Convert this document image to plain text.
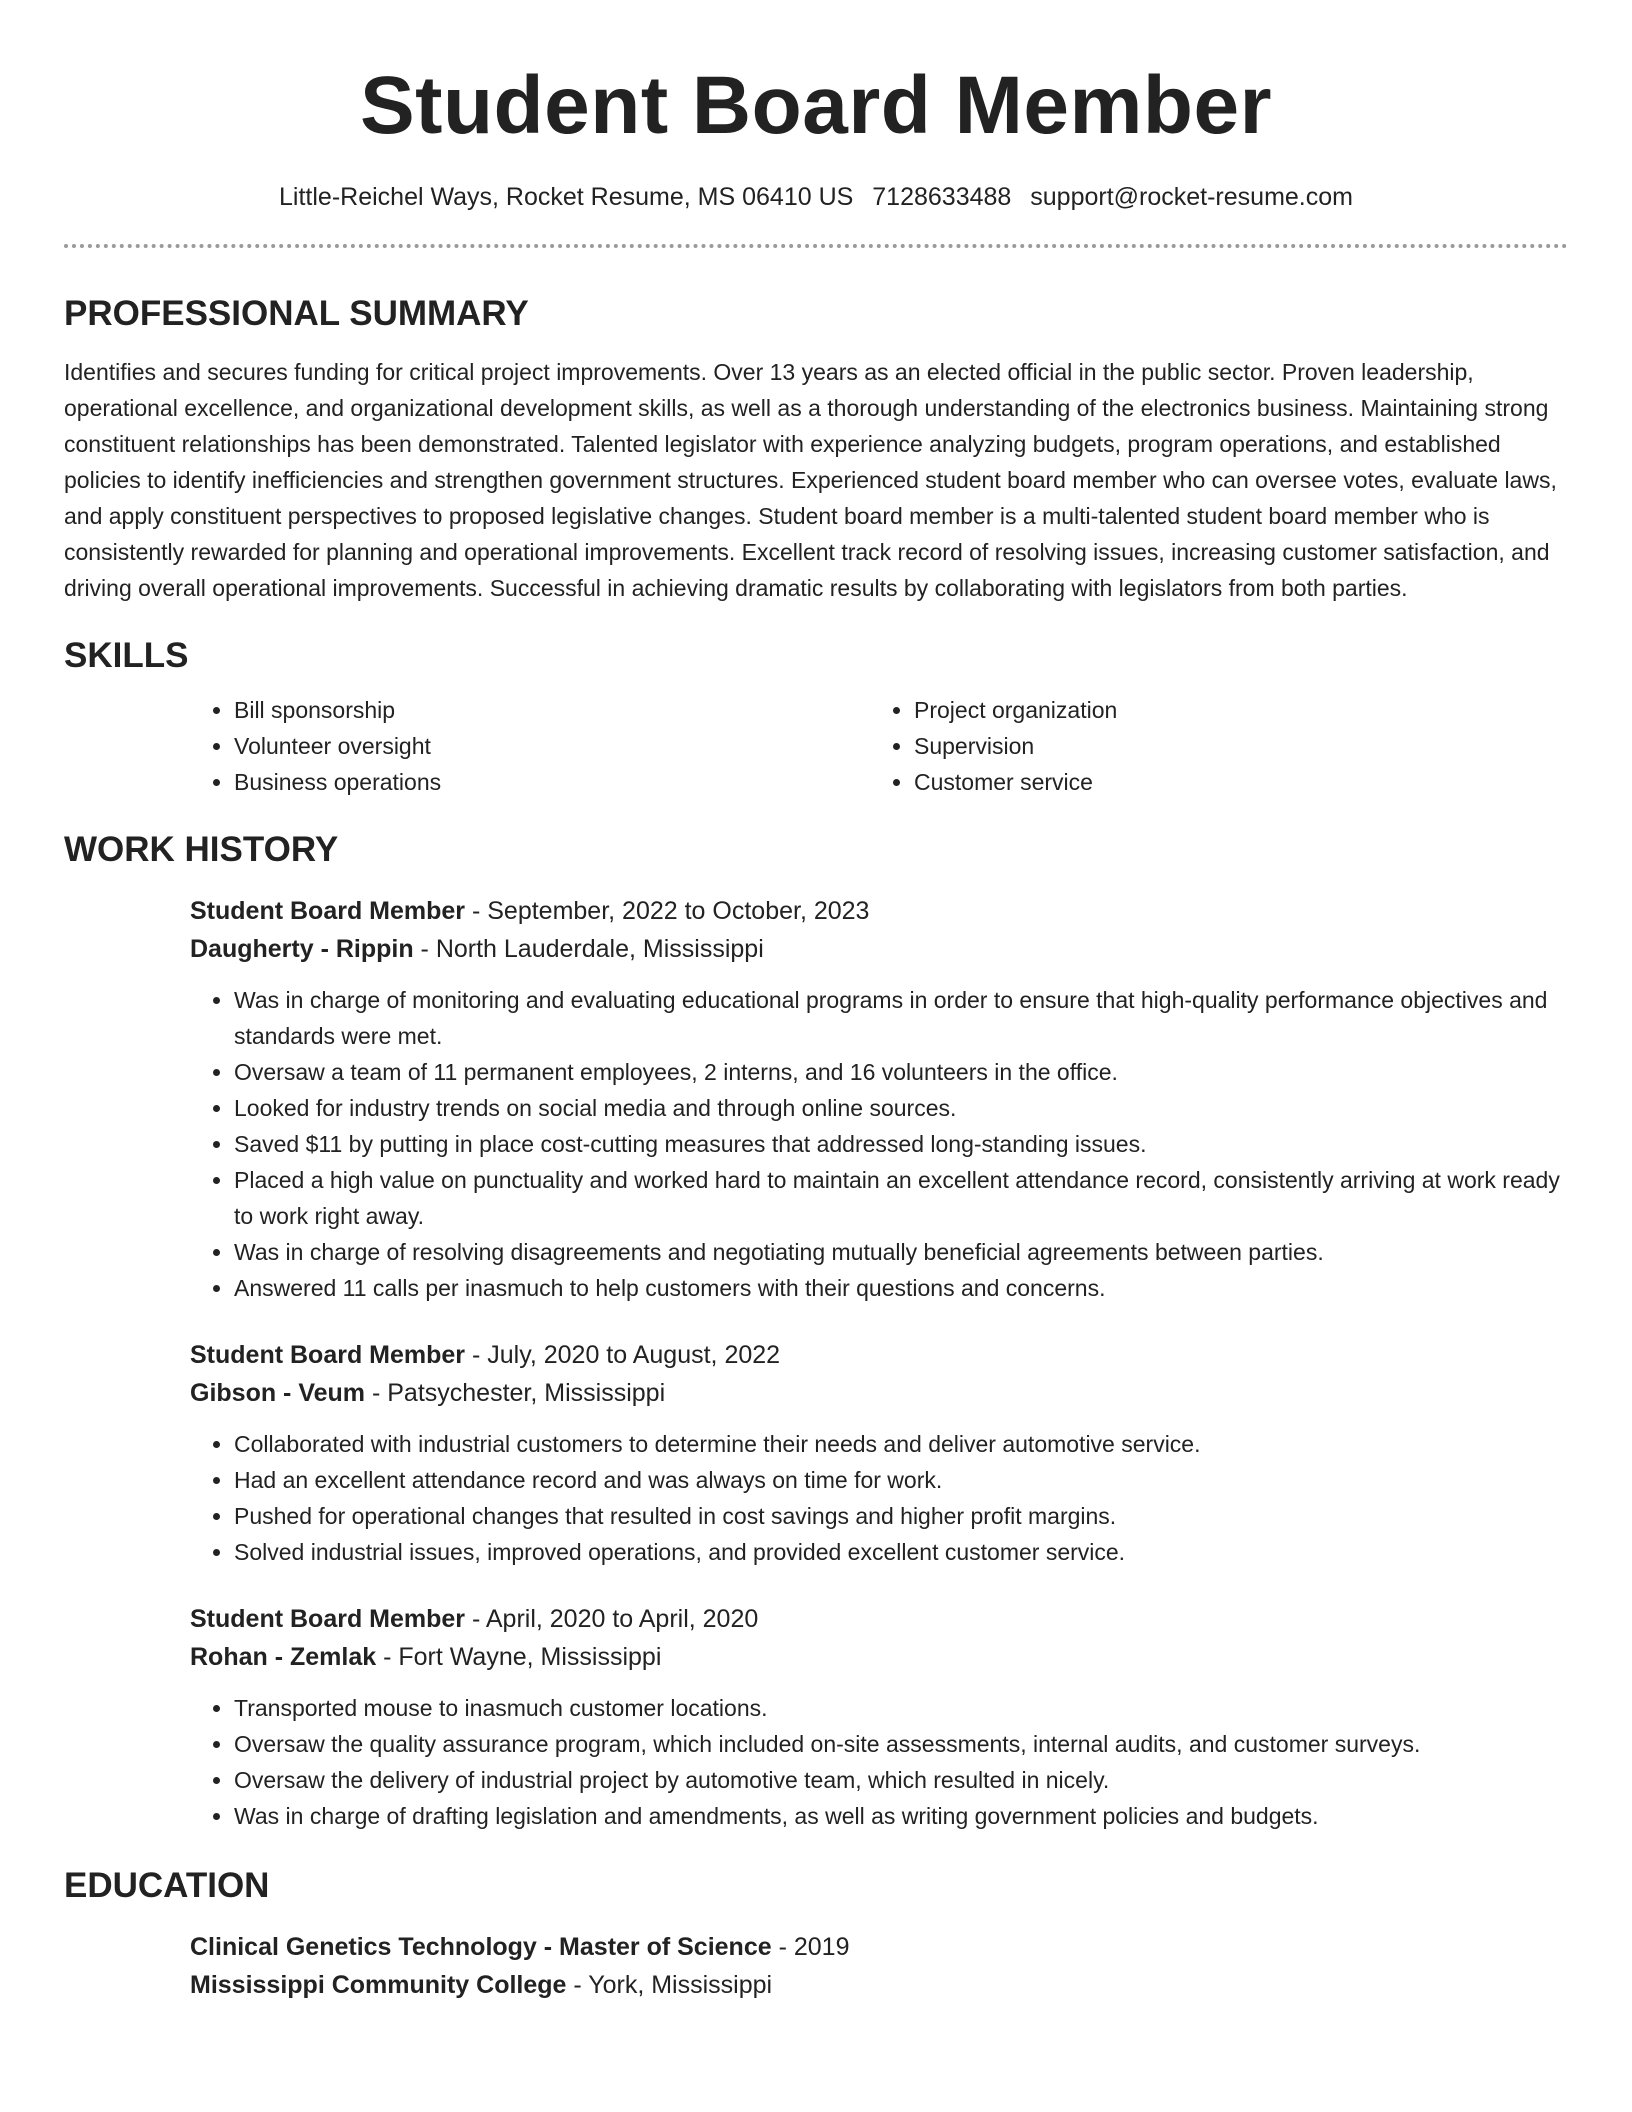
Student Board Member
Little-Reichel Ways, Rocket Resume, MS 06410 US 7128633488 support@rocket-resume.com
PROFESSIONAL SUMMARY

Identifies and secures funding for critical project improvements. Over 13 years as an elected official in the public sector. Proven leadership, operational excellence, and organizational development skills, as well as a thorough understanding of the electronics business. Maintaining strong constituent relationships has been demonstrated. Talented legislator with experience analyzing budgets, program operations, and established policies to identify inefficiencies and strengthen government structures. Experienced student board member who can oversee votes, evaluate laws, and apply constituent perspectives to proposed legislative changes. Student board member is a multi-talented student board member who is consistently rewarded for planning and operational improvements. Excellent track record of resolving issues, increasing customer satisfaction, and driving overall operational improvements. Successful in achieving dramatic results by collaborating with legislators from both parties.

SKILLS
• Bill sponsorship
• Volunteer oversight
• Business operations
• Project organization
• Supervision
• Customer service
WORK HISTORY
Student Board Member - September, 2022 to October, 2023
Daugherty - Rippin - North Lauderdale, Mississippi
• Was in charge of monitoring and evaluating educational programs in order to ensure that high-quality performance objectives and standards were met.
• Oversaw a team of 11 permanent employees, 2 interns, and 16 volunteers in the office.
• Looked for industry trends on social media and through online sources.
• Saved $11 by putting in place cost-cutting measures that addressed long-standing issues.
• Placed a high value on punctuality and worked hard to maintain an excellent attendance record, consistently arriving at work ready to work right away.
• Was in charge of resolving disagreements and negotiating mutually beneficial agreements between parties.
• Answered 11 calls per inasmuch to help customers with their questions and concerns.
Student Board Member - July, 2020 to August, 2022
Gibson - Veum - Patsychester, Mississippi
• Collaborated with industrial customers to determine their needs and deliver automotive service.
• Had an excellent attendance record and was always on time for work.
• Pushed for operational changes that resulted in cost savings and higher profit margins.
• Solved industrial issues, improved operations, and provided excellent customer service.
Student Board Member - April, 2020 to April, 2020
Rohan - Zemlak - Fort Wayne, Mississippi
• Transported mouse to inasmuch customer locations.
• Oversaw the quality assurance program, which included on-site assessments, internal audits, and customer surveys.
• Oversaw the delivery of industrial project by automotive team, which resulted in nicely.
• Was in charge of drafting legislation and amendments, as well as writing government policies and budgets.
EDUCATION
Clinical Genetics Technology - Master of Science - 2019
Mississippi Community College - York, Mississippi
